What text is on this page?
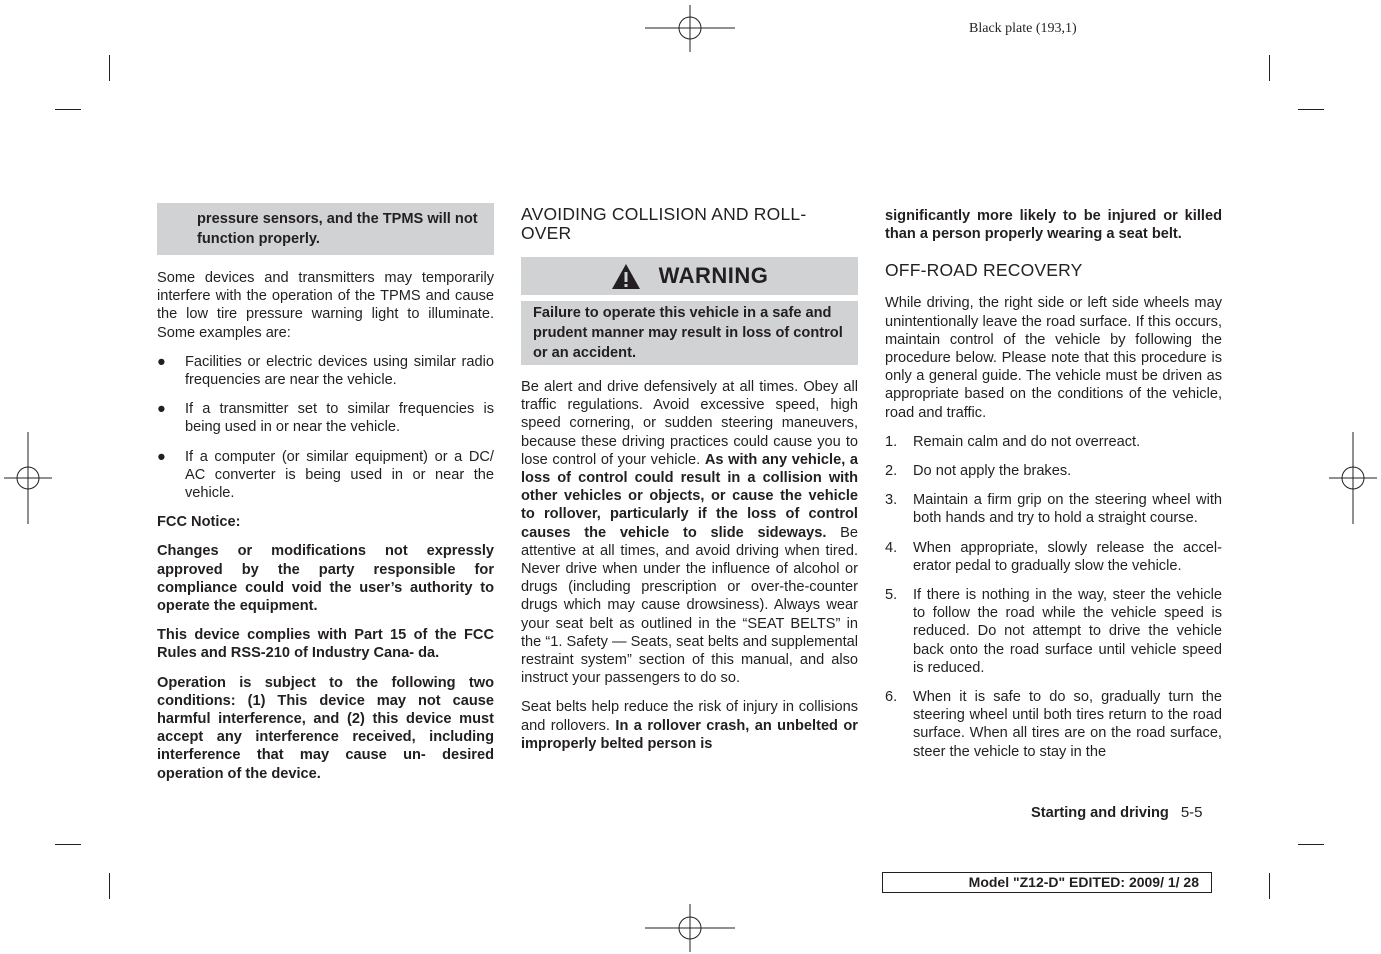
Black plate (193,1)
pressure sensors, and the TPMS will not function properly.

Some devices and transmitters may temporarily interfere with the operation of the TPMS and cause the low tire pressure warning light to illuminate. Some examples are:

● Facilities or electric devices using similar radio frequencies are near the vehicle.
● If a transmitter set to similar frequencies is being used in or near the vehicle.
● If a computer (or similar equipment) or a DC/ AC converter is being used in or near the vehicle.

FCC Notice:

Changes or modifications not expressly approved by the party responsible for compliance could void the user’s authority to operate the equipment.

This device complies with Part 15 of the FCC Rules and RSS-210 of Industry Cana- da.

Operation is subject to the following two conditions: (1) This device may not cause harmful interference, and (2) this device must accept any interference received, including interference that may cause un- desired operation of the device.

AVOIDING COLLISION AND ROLL- OVER
WARNING
Failure to operate this vehicle in a safe and prudent manner may result in loss of control or an accident.

Be alert and drive defensively at all times. Obey all traffic regulations. Avoid excessive speed, high speed cornering, or sudden steering maneuvers, because these driving practices could cause you to lose control of your vehicle. As with any vehicle, a loss of control could result in a collision with other vehicles or objects, or cause the vehicle to rollover, particularly if the loss of control causes the vehicle to slide sideways. Be attentive at all times, and avoid driving when tired. Never drive when under the influence of alcohol or drugs (including prescription or over-the-counter drugs which may cause drowsiness). Always wear your seat belt as outlined in the “SEAT BELTS” in the “1. Safety — Seats, seat belts and supplemental restraint system” section of this manual, and also instruct your passengers to do so.

Seat belts help reduce the risk of injury in collisions and rollovers. In a rollover crash, an unbelted or improperly belted person is

significantly more likely to be injured or killed than a person properly wearing a seat belt.

OFF-ROAD RECOVERY

While driving, the right side or left side wheels may unintentionally leave the road surface. If this occurs, maintain control of the vehicle by following the procedure below. Please note that this procedure is only a general guide. The vehicle must be driven as appropriate based on the conditions of the vehicle, road and traffic.

1. Remain calm and do not overreact.
2. Do not apply the brakes.
3. Maintain a firm grip on the steering wheel with both hands and try to hold a straight course.
4. When appropriate, slowly release the accel- erator pedal to gradually slow the vehicle.
5. If there is nothing in the way, steer the vehicle to follow the road while the vehicle speed is reduced. Do not attempt to drive the vehicle back onto the road surface until vehicle speed is reduced.
6. When it is safe to do so, gradually turn the steering wheel until both tires return to the road surface. When all tires are on the road surface, steer the vehicle to stay in the
Starting and driving 5-5
Model "Z12-D" EDITED: 2009/ 1/ 28
